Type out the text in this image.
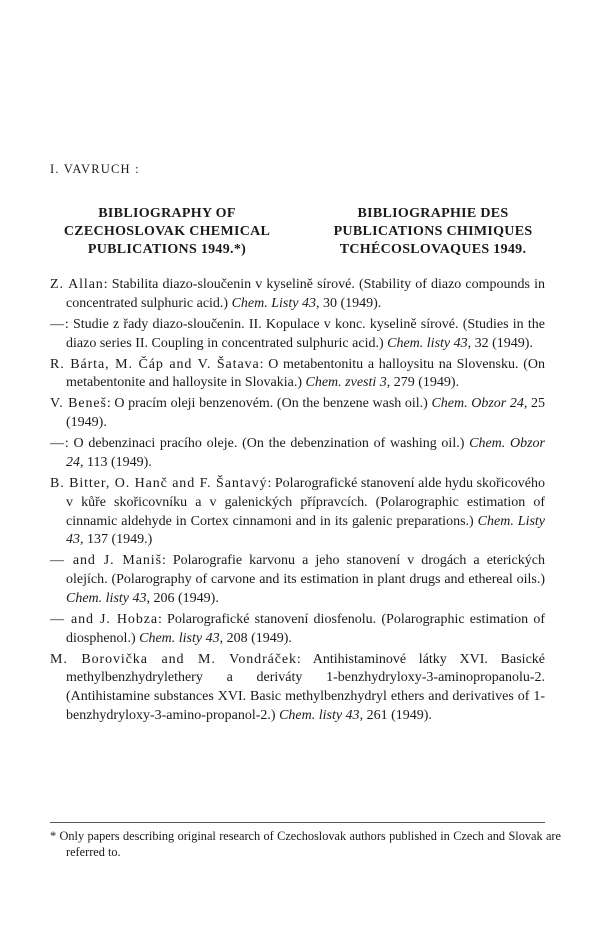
I. VAVRUCH :
BIBLIOGRAPHY OF
CZECHOSLOVAK CHEMICAL
PUBLICATIONS 1949.*)
BIBLIOGRAPHIE DES
PUBLICATIONS CHIMIQUES
TCHÉCOSLOVAQUES 1949.

Z. Allan: Stabilita diazo-sloučenin v kyselině sírové. (Stability of diazo compounds in concentrated sulphuric acid.) Chem. Listy 43, 30 (1949).

—: Studie z řady diazo-sloučenin. II. Kopulace v konc. kyselině sírové. (Studies in the diazo series II. Coupling in concentrated sulphuric acid.) Chem. listy 43, 32 (1949).

R. Bárta, M. Čáp and V. Šatava: O metabentonitu a halloysitu na Slovensku. (On metabentonite and halloysite in Slovakia.) Chem. zvesti 3, 279 (1949).

V. Beneš: O pracím oleji benzenovém. (On the benzene wash oil.) Chem. Obzor 24, 25 (1949).

—: O debenzinaci pracího oleje. (On the debenzination of washing oil.) Chem. Obzor 24, 113 (1949).

B. Bitter, O. Hanč and F. Šantavý: Polarografické stanovení alde hydu skořicového v kůře skořicovníku a v galenických přípravcích. (Polarographic estimation of cinnamic aldehyde in Cortex cinnamoni and in its galenic preparations.) Chem. Listy 43, 137 (1949.)

— and J. Maniš: Polarografie karvonu a jeho stanovení v drogách a eterických olejích. (Polarography of carvone and its estimation in plant drugs and ethereal oils.) Chem. listy 43, 206 (1949).

— and J. Hobza: Polarografické stanovení diosfenolu. (Polarographic estimation of diosphenol.) Chem. listy 43, 208 (1949).

M. Borovička and M. Vondráček: Antihistaminové látky XVI. Basické methylbenzhydrylethery a deriváty 1-benzhydryloxy-3-aminopropanolu-2. (Antihistamine substances XVI. Basic methylbenzhydryl ethers and derivatives of 1-benzhydryloxy-3-amino-propanol-2.) Chem. listy 43, 261 (1949).

* Only papers describing original research of Czechoslovak authors published in Czech and Slovak are referred to.
